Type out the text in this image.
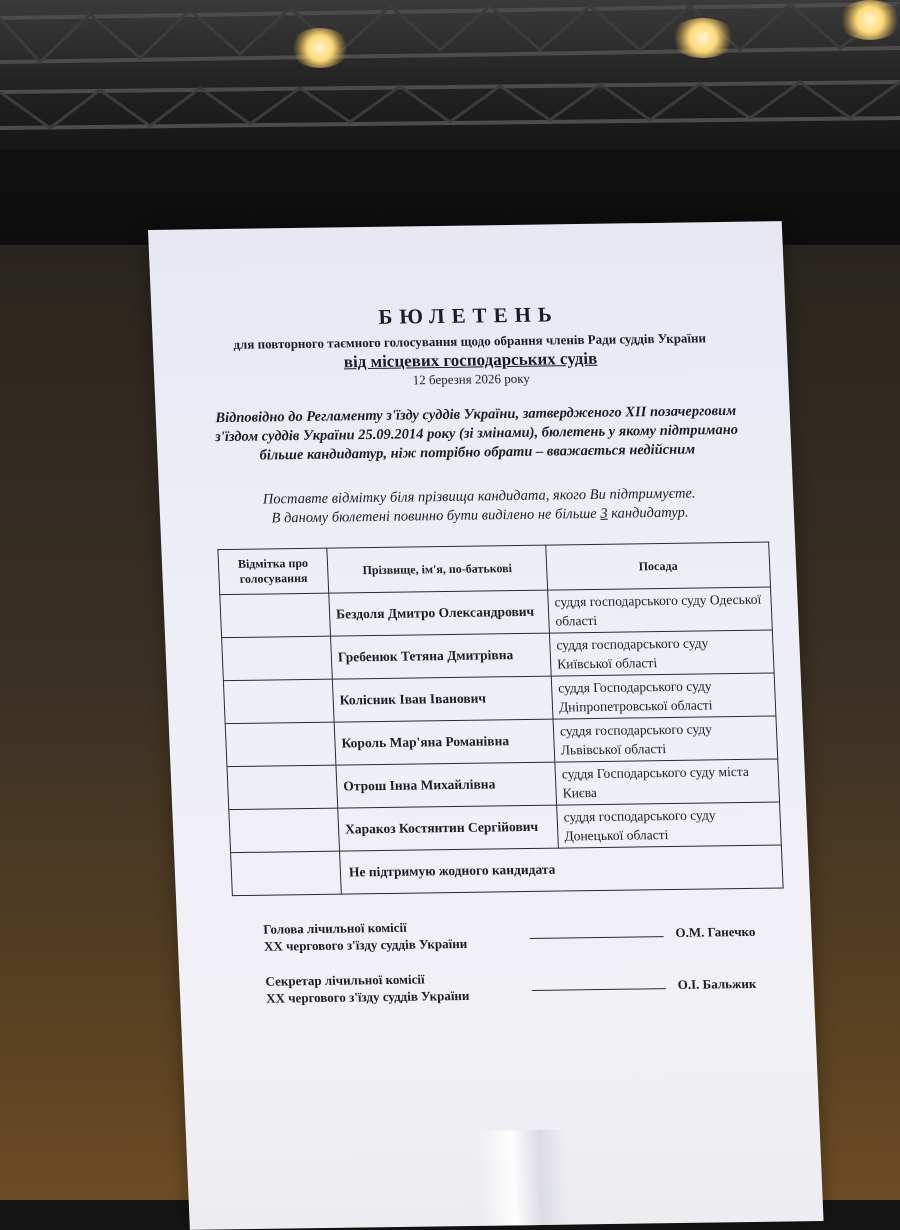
БЮЛЕТЕНЬ
для повторного таємного голосування щодо обрання членів Ради суддів України
від місцевих господарських судів
12 березня 2026 року
Відповідно до Регламенту з'їзду суддів України, затвердженого XII позачерговим з'їздом суддів України 25.09.2014 року (зі змінами), бюлетень у якому підтримано більше кандидатур, ніж потрібно обрати – вважається недійсним
Поставте відмітку біля прізвища кандидата, якого Ви підтримуєте.
В даному бюлетені повинно бути виділено не більше 3 кандидатур.
Відмітка про голосування	Прізвище, ім'я, по-батькові	Посада
	Бездоля Дмитро Олександрович	суддя господарського суду Одеської області
	Гребенюк Тетяна Дмитрівна	суддя господарського суду Київської області
	Колісник Іван Іванович	суддя Господарського суду Дніпропетровської області
	Король Мар'яна Романівна	суддя господарського суду Львівської області
	Отрош Інна Михайлівна	суддя Господарського суду міста Києва
	Харакоз Костянтин Сергійович	суддя господарського суду Донецької області
	Не підтримую жодного кандидата	
Голова лічильної комісії
XX чергового з'їзду суддів України
О.М. Ганечко
Секретар лічильної комісії
XX чергового з'їзду суддів України
О.І. Бальжик
